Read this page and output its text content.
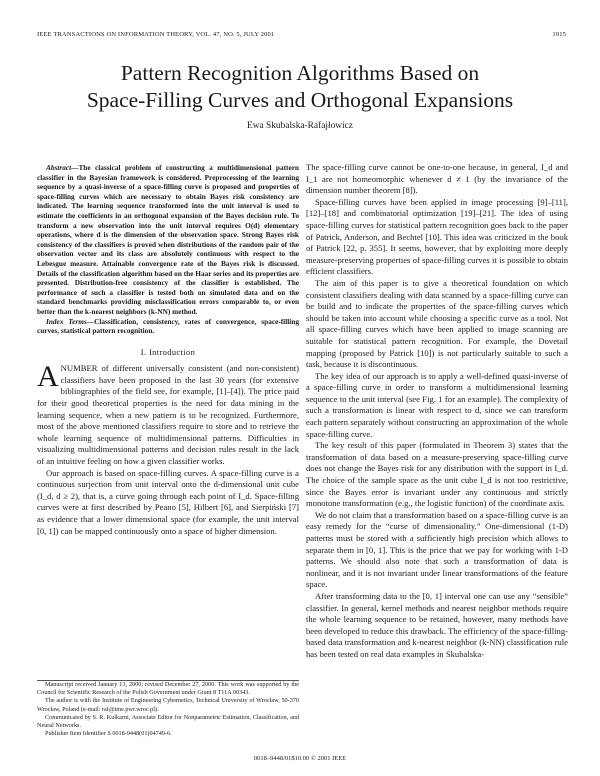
IEEE TRANSACTIONS ON INFORMATION THEORY, VOL. 47, NO. 5, JULY 2001	1915
Pattern Recognition Algorithms Based on
Space-Filling Curves and Orthogonal Expansions
Ewa Skubalska-Rafajłowicz

Abstract—The classical problem of constructing a multidimensional pattern classifier in the Bayesian framework is considered. Preprocessing of the learning sequence by a quasi-inverse of a space-filling curve is proposed and properties of space-filling curves which are necessary to obtain Bayes risk consistency are indicated. The learning sequence transformed into the unit interval is used to estimate the coefficients in an orthogonal expansion of the Bayes decision rule. To transform a new observation into the unit interval requires O(d) elementary operations, where d is the dimension of the observation space. Strong Bayes risk consistency of the classifiers is proved when distributions of the random pair of the observation vector and its class are absolutely continuous with respect to the Lebesgue measure. Attainable convergence rate of the Bayes risk is discussed. Details of the classification algorithm based on the Haar series and its properties are presented. Distribution-free consistency of the classifier is established. The performance of such a classifier is tested both on simulated data and on the standard benchmarks providing misclassification errors comparable to, or even better than the k-nearest neighbors (k-NN) method.

Index Terms—Classification, consistency, rates of convergence, space-filling curves, statistical pattern recognition.

I. Introduction

ANUMBER of different universally consistent (and non-consistent) classifiers have been proposed in the last 30 years (for extensive bibliographies of the field see, for example, [1]–[4]). The price paid for their good theoretical properties is the need for data mining in the learning sequence, when a new pattern is to be recognized. Furthermore, most of the above mentioned classifiers require to store and to retrieve the whole learning sequence of multidimensional patterns. Difficulties in visualizing multidimensional patterns and decision rules result in the lack of an intuitive feeling on how a given classifier works.

Our approach is based on space-filling curves. A space-filling curve is a continuous surjection from unit interval onto the d-dimensional unit cube (I_d, d ≥ 2), that is, a curve going through each point of I_d. Space-filling curves were at first described by Peano [5], Hilbert [6], and Sierpiński [7] as evidence that a lower dimensional space (for example, the unit interval [0, 1]) can be mapped continuously onto a space of higher dimension.

The space-filling curve cannot be one-to-one because, in general, I_d and I_1 are not homeomorphic whenever d ≠ 1 (by the invariance of the dimension number theorem [8]).

Space-filling curves have been applied in image processing [9]–[11], [12]–[18] and combinatorial optimization [19]–[21]. The idea of using space-filling curves for statistical pattern recognition goes back to the paper of Patrick, Anderson, and Bechtel [10]. This idea was criticized in the book of Patrick [22, p. 355]. It seems, however, that by exploiting more deeply measure-preserving properties of space-filling curves it is possible to obtain efficient classifiers.

The aim of this paper is to give a theoretical foundation on which consistent classifiers dealing with data scanned by a space-filling curve can be build and to indicate the properties of the space-filling curves which should be taken into account while choosing a specific curve as a tool. Not all space-filling curves which have been applied to image scanning are suitable for statistical pattern recognition. For example, the Dovetail mapping (proposed by Patrick [10]) is not particularly suitable to such a task, because it is discontinuous.

The key idea of our approach is to apply a well-defined quasi-inverse of a space-filling curve in order to transform a multidimensional learning sequence to the unit interval (see Fig. 1 for an example). The complexity of such a transformation is linear with respect to d, since we can transform each pattern separately without constructing an approximation of the whole space-filling curve.

The key result of this paper (formulated in Theorem 3) states that the transformation of data based on a measure-preserving space-filling curve does not change the Bayes risk for any distribution with the support in I_d. The choice of the sample space as the unit cube I_d is not too restrictive, since the Bayes error is invariant under any continuous and strictly monotone transformation (e.g., the logistic function) of the coordinate axis.

We do not claim that a transformation based on a space-filling curve is an easy remedy for the “curse of dimensionality.” One-dimensional (1-D) patterns must be stored with a sufficiently high precision which allows to separate them in [0, 1]. This is the price that we pay for working with 1-D patterns. We should also note that such a transformation of data is nonlinear, and it is not invariant under linear transformations of the feature space.

After transforming data to the [0, 1] interval one can use any “sensible” classifier. In general, kernel methods and nearest neighbor methods require the whole learning sequence to be retained, however, many methods have been developed to reduce this drawback. The efficiency of the space-filling-based data transformation and k-nearest neighbor (k-NN) classification rule has been tested on real data examples in Skubalska-

Manuscript received January 13, 2000; revised December 27, 2000. This work was supported by the Council for Scientific Research of the Polish Government under Grant 8 T11A 00343.

The author is with the Institute of Engineering Cybernetics, Technical University of Wrocław, 50-370 Wrocław, Poland (e-mail: raf@ime.pwr.wroc.pl).

Communicated by S. R. Kulkarni, Associate Editor for Nonparametric Estimation, Classification, and Neural Networks.

Publisher Item Identifier S 0018-9448(01)04749-6.

0018–9448/01$10.00 © 2001 IEEE
